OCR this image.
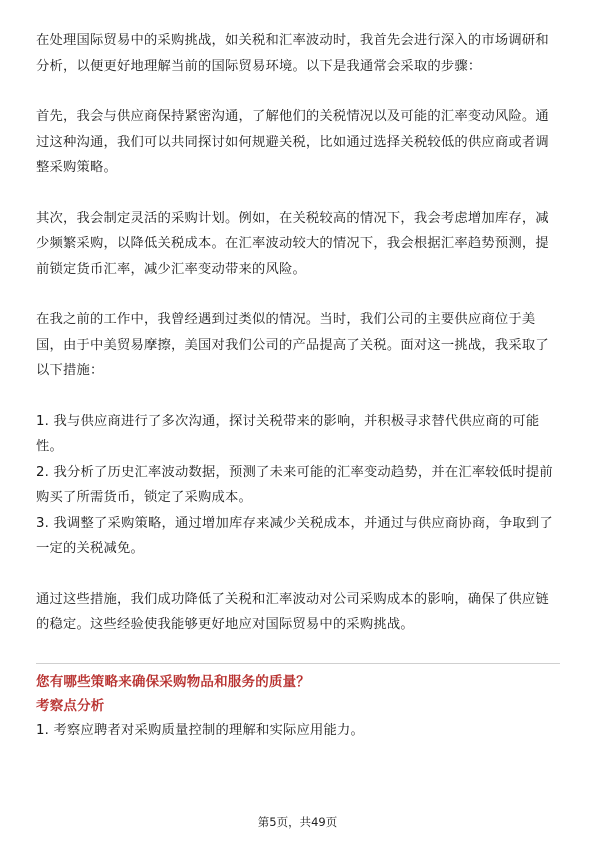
在处理国际贸易中的采购挑战，如关税和汇率波动时，我首先会进行深入的市场调研和分析，以便更好地理解当前的国际贸易环境。以下是我通常会采取的步骤：

首先，我会与供应商保持紧密沟通，了解他们的关税情况以及可能的汇率变动风险。通过这种沟通，我们可以共同探讨如何规避关税，比如通过选择关税较低的供应商或者调整采购策略。

其次，我会制定灵活的采购计划。例如，在关税较高的情况下，我会考虑增加库存，减少频繁采购，以降低关税成本。在汇率波动较大的情况下，我会根据汇率趋势预测，提前锁定货币汇率，减少汇率变动带来的风险。

在我之前的工作中，我曾经遇到过类似的情况。当时，我们公司的主要供应商位于美国，由于中美贸易摩擦，美国对我们公司的产品提高了关税。面对这一挑战，我采取了以下措施：

1. 我与供应商进行了多次沟通，探讨关税带来的影响，并积极寻求替代供应商的可能性。

2. 我分析了历史汇率波动数据，预测了未来可能的汇率变动趋势，并在汇率较低时提前购买了所需货币，锁定了采购成本。

3. 我调整了采购策略，通过增加库存来减少关税成本，并通过与供应商协商，争取到了一定的关税减免。

通过这些措施，我们成功降低了关税和汇率波动对公司采购成本的影响，确保了供应链的稳定。这些经验使我能够更好地应对国际贸易中的采购挑战。

您有哪些策略来确保采购物品和服务的质量？

考察点分析

1. 考察应聘者对采购质量控制的理解和实际应用能力。

第5页，共49页
